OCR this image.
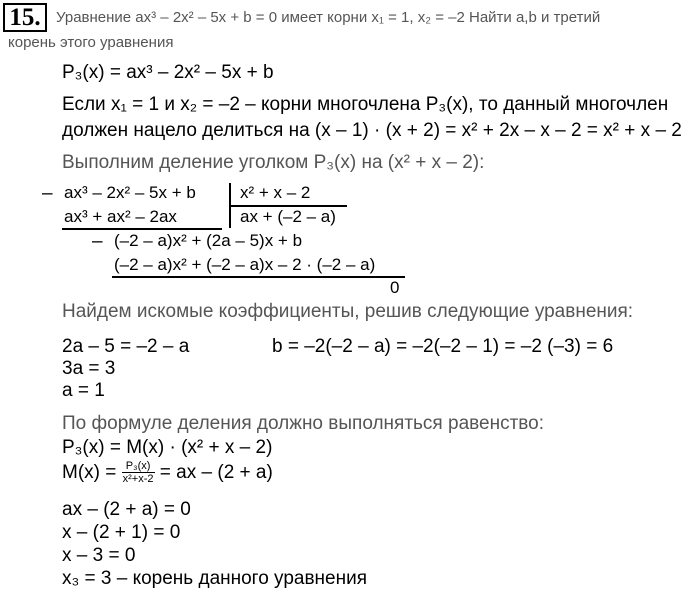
15.	Уравнение ax³ – 2x² – 5x + b = 0 имеет корни x₁ = 1, x₂ = –2 Найти a,b и третий
корень этого уравнения
P₃(x) = ax³ – 2x² – 5x + b
Если x₁ = 1 и x₂ = –2 – корни многочлена P₃(x), то данный многочлен
должен нацело делиться на (x – 1) · (x + 2) = x² + 2x – x – 2 = x² + x – 2
Выполним деление уголком P₃(x) на (x² + x – 2):
– ax³ – 2x² – 5x + b
ax³ + ax² – 2ax
x² + x – 2
ax + (–2 – a)
– (–2 – a)x² + (2a – 5)x + b
(–2 – a)x² + (–2 – a)x – 2 · (–2 – a)
0
Найдем искомые коэффициенты, решив следующие уравнения:
2a – 5 = –2 – a	b = –2(–2 – a) = –2(–2 – 1) = –2 (–3) = 6
3a = 3
a = 1
По формуле деления должно выполняться равенство:
P₃(x) = M(x) · (x² + x – 2)
$M(x) = \frac{\text{P₃(x)}}{\text{x²+x-2}}$ = ax – (2 + a)
ax – (2 + a) = 0
x – (2 + 1) = 0
x – 3 = 0
x₃ = 3 – корень данного уравнения
